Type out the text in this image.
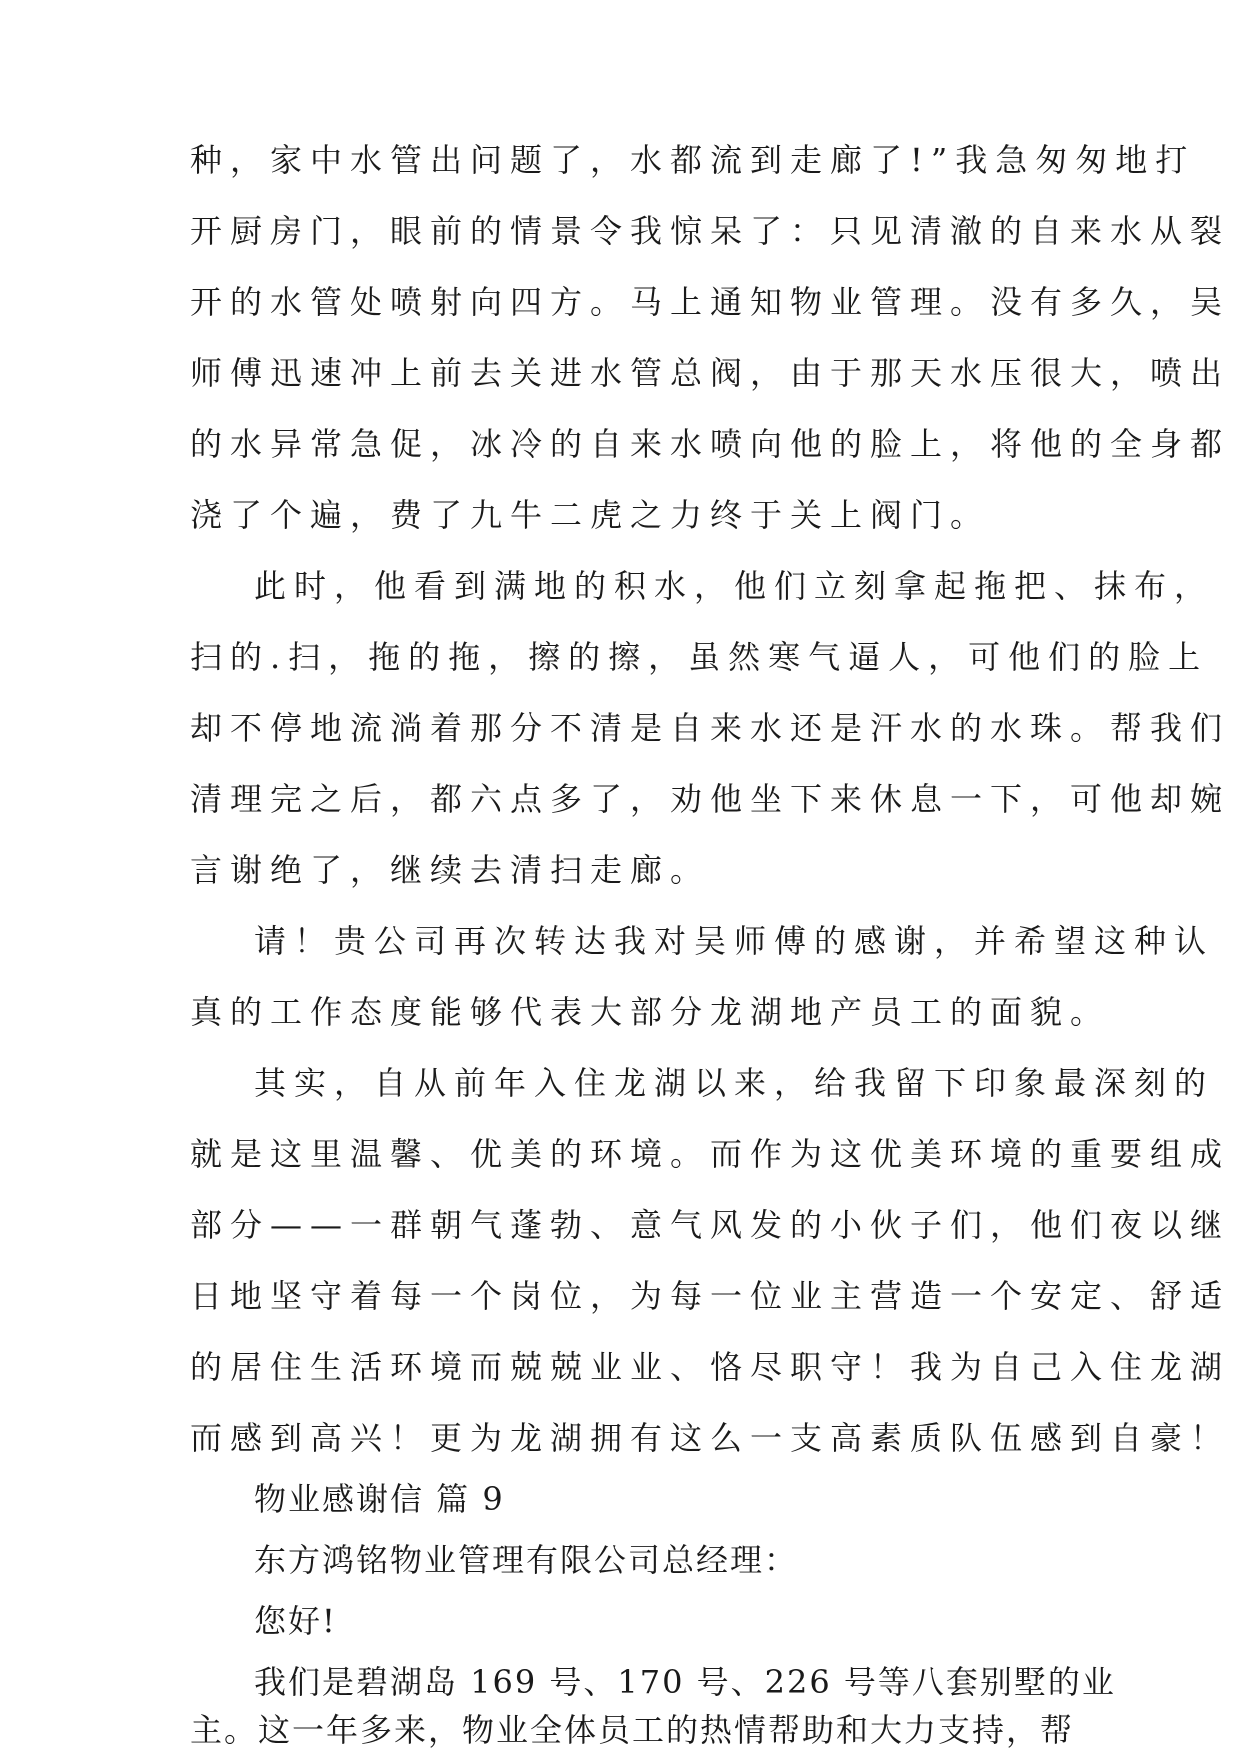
种，家中水管出问题了，水都流到走廊了!”我急匆匆地打
开厨房门，眼前的情景令我惊呆了：只见清澈的自来水从裂
开的水管处喷射向四方。马上通知物业管理。没有多久，吴
师傅迅速冲上前去关进水管总阀，由于那天水压很大，喷出
的水异常急促，冰冷的自来水喷向他的脸上，将他的全身都
浇了个遍，费了九牛二虎之力终于关上阀门。
此时，他看到满地的积水，他们立刻拿起拖把、抹布，
扫的.扫，拖的拖，擦的擦，虽然寒气逼人，可他们的脸上
却不停地流淌着那分不清是自来水还是汗水的水珠。帮我们
清理完之后，都六点多了，劝他坐下来休息一下，可他却婉
言谢绝了，继续去清扫走廊。
请！贵公司再次转达我对吴师傅的感谢，并希望这种认
真的工作态度能够代表大部分龙湖地产员工的面貌。
其实，自从前年入住龙湖以来，给我留下印象最深刻的
就是这里温馨、优美的环境。而作为这优美环境的重要组成
部分——一群朝气蓬勃、意气风发的小伙子们，他们夜以继
日地坚守着每一个岗位，为每一位业主营造一个安定、舒适
的居住生活环境而兢兢业业、恪尽职守！我为自己入住龙湖
而感到高兴！更为龙湖拥有这么一支高素质队伍感到自豪！
物业感谢信 篇 9
东方鸿铭物业管理有限公司总经理：
您好!
我们是碧湖岛 169 号、170 号、226 号等八套别墅的业
主。这一年多来，物业全体员工的热情帮助和大力支持，帮
